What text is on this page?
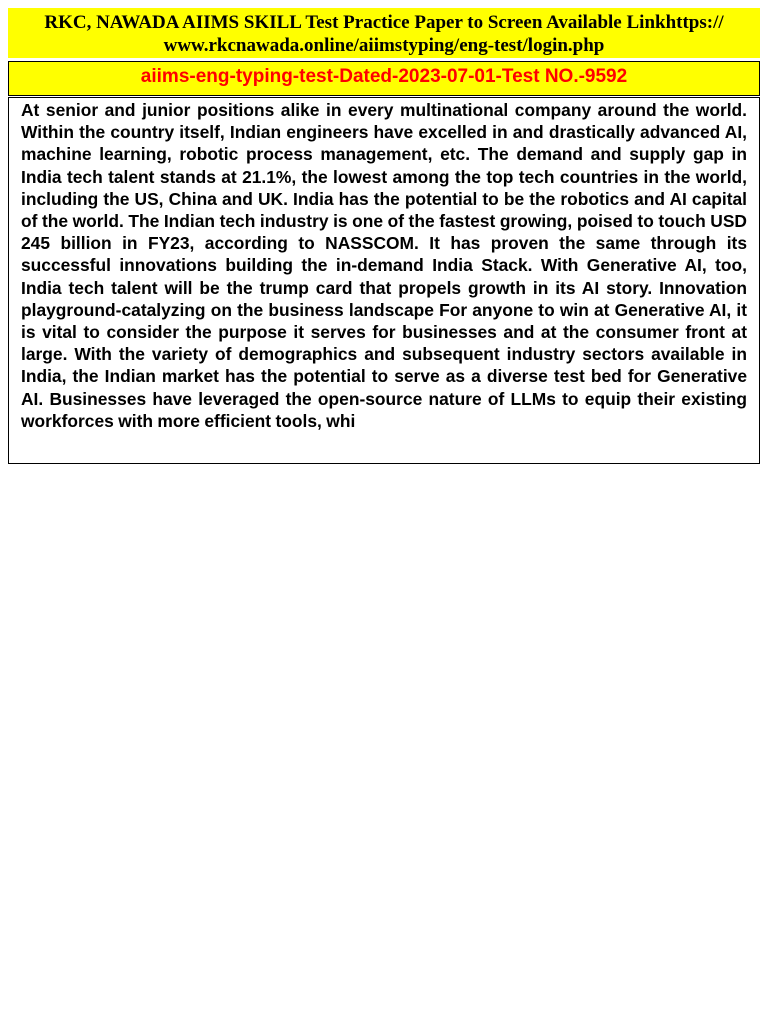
RKC, NAWADA AIIMS SKILL Test Practice Paper to Screen Available Linkhttps:// www.rkcnawada.online/aiimstyping/eng-test/login.php
aiims-eng-typing-test-Dated-2023-07-01-Test NO.-9592

At senior and junior positions alike in every multinational company around the world. Within the country itself, Indian engineers have excelled in and drastically advanced AI, machine learning, robotic process management, etc. The demand and supply gap in India tech talent stands at 21.1%, the lowest among the top tech countries in the world, including the US, China and UK. India has the potential to be the robotics and AI capital of the world. The Indian tech industry is one of the fastest growing, poised to touch USD 245 billion in FY23, according to NASSCOM. It has proven the same through its successful innovations building the in-demand India Stack. With Generative AI, too, India tech talent will be the trump card that propels growth in its AI story. Innovation playground-catalyzing on the business landscape For anyone to win at Generative AI, it is vital to consider the purpose it serves for businesses and at the consumer front at large. With the variety of demographics and subsequent industry sectors available in India, the Indian market has the potential to serve as a diverse test bed for Generative AI. Businesses have leveraged the open-source nature of LLMs to equip their existing workforces with more efficient tools, whi
